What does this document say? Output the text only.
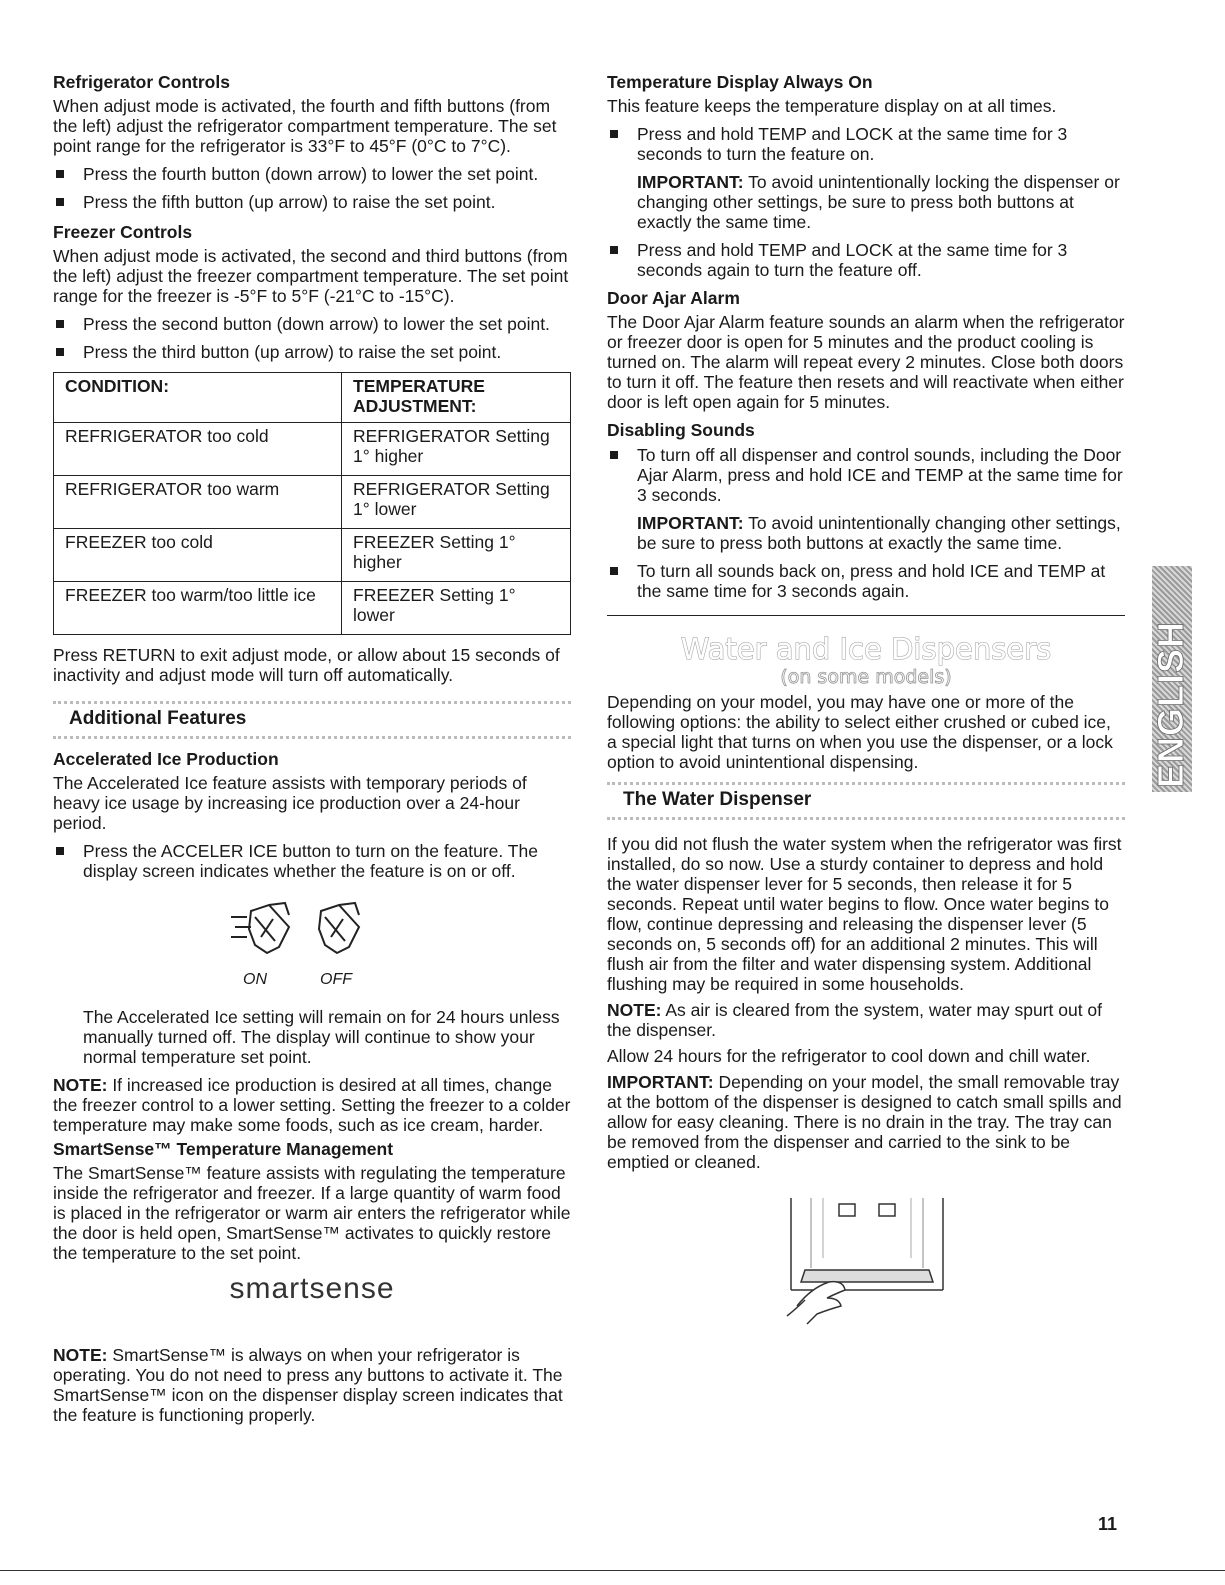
Refrigerator Controls

When adjust mode is activated, the fourth and fifth buttons (from the left) adjust the refrigerator compartment temperature. The set point range for the refrigerator is 33°F to 45°F (0°C to 7°C).

Press the fourth button (down arrow) to lower the set point.
Press the fifth button (up arrow) to raise the set point.
Freezer Controls

When adjust mode is activated, the second and third buttons (from the left) adjust the freezer compartment temperature. The set point range for the freezer is -5°F to 5°F (-21°C to -15°C).

Press the second button (down arrow) to lower the set point.
Press the third button (up arrow) to raise the set point.
CONDITION:	TEMPERATURE ADJUSTMENT:
REFRIGERATOR too cold	REFRIGERATOR Setting 1° higher
REFRIGERATOR too warm	REFRIGERATOR Setting 1° lower
FREEZER too cold	FREEZER Setting 1° higher
FREEZER too warm/too little ice	FREEZER Setting 1° lower

Press RETURN to exit adjust mode, or allow about 15 seconds of inactivity and adjust mode will turn off automatically.

Additional Features
Accelerated Ice Production

The Accelerated Ice feature assists with temporary periods of heavy ice usage by increasing ice production over a 24-hour period.

Press the ACCELER ICE button to turn on the feature. The display screen indicates whether the feature is on or off.
ON	OFF

The Accelerated Ice setting will remain on for 24 hours unless manually turned off. The display will continue to show your normal temperature set point.

NOTE: If increased ice production is desired at all times, change the freezer control to a lower setting. Setting the freezer to a colder temperature may make some foods, such as ice cream, harder.

SmartSense™ Temperature Management

The SmartSense™ feature assists with regulating the temperature inside the refrigerator and freezer. If a large quantity of warm food is placed in the refrigerator or warm air enters the refrigerator while the door is held open, SmartSense™ activates to quickly restore the temperature to the set point.

smartsense

NOTE: SmartSense™ is always on when your refrigerator is operating. You do not need to press any buttons to activate it. The SmartSense™ icon on the dispenser display screen indicates that the feature is functioning properly.

Temperature Display Always On

This feature keeps the temperature display on at all times.

Press and hold TEMP and LOCK at the same time for 3 seconds to turn the feature on.

IMPORTANT: To avoid unintentionally locking the dispenser or changing other settings, be sure to press both buttons at exactly the same time.

Press and hold TEMP and LOCK at the same time for 3 seconds again to turn the feature off.
Door Ajar Alarm

The Door Ajar Alarm feature sounds an alarm when the refrigerator or freezer door is open for 5 minutes and the product cooling is turned on. The alarm will repeat every 2 minutes. Close both doors to turn it off. The feature then resets and will reactivate when either door is left open again for 5 minutes.

Disabling Sounds
To turn off all dispenser and control sounds, including the Door Ajar Alarm, press and hold ICE and TEMP at the same time for 3 seconds.

IMPORTANT: To avoid unintentionally changing other settings, be sure to press both buttons at exactly the same time.

To turn all sounds back on, press and hold ICE and TEMP at the same time for 3 seconds again.
Water and Ice Dispensers
(on some models)

Depending on your model, you may have one or more of the following options: the ability to select either crushed or cubed ice, a special light that turns on when you use the dispenser, or a lock option to avoid unintentional dispensing.

The Water Dispenser

If you did not flush the water system when the refrigerator was first installed, do so now. Use a sturdy container to depress and hold the water dispenser lever for 5 seconds, then release it for 5 seconds. Repeat until water begins to flow. Once water begins to flow, continue depressing and releasing the dispenser lever (5 seconds on, 5 seconds off) for an additional 2 minutes. This will flush air from the filter and water dispensing system. Additional flushing may be required in some households.

NOTE: As air is cleared from the system, water may spurt out of the dispenser.

Allow 24 hours for the refrigerator to cool down and chill water.

IMPORTANT: Depending on your model, the small removable tray at the bottom of the dispenser is designed to catch small spills and allow for easy cleaning. There is no drain in the tray. The tray can be removed from the dispenser and carried to the sink to be emptied or cleaned.

ENGLISH
11
